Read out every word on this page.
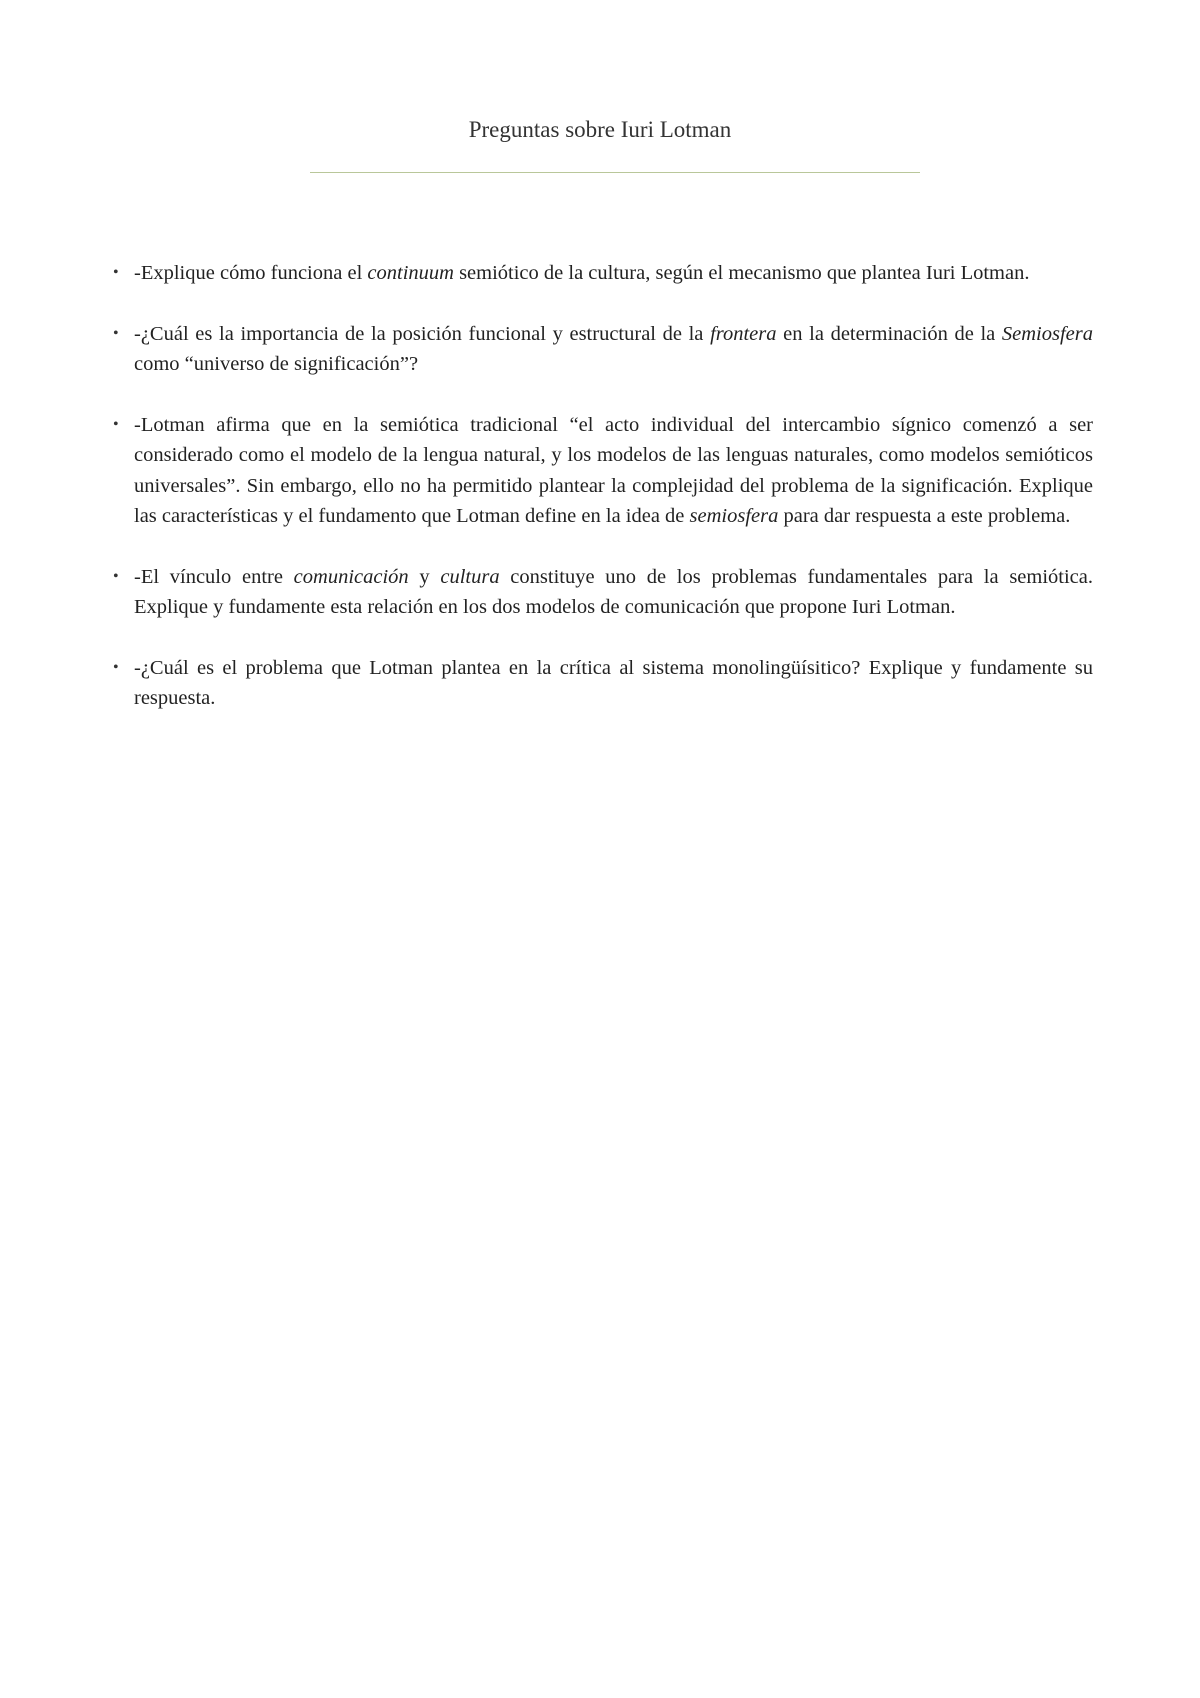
Preguntas sobre Iuri Lotman
• -Explique cómo funciona el continuum semiótico de la cultura, según el mecanismo que plantea Iuri Lotman.
• -¿Cuál es la importancia de la posición funcional y estructural de la frontera en la determinación de la Semiosfera como “universo de significación”?
• -Lotman afirma que en la semiótica tradicional “el acto individual del intercambio sígnico comenzó a ser considerado como el modelo de la lengua natural, y los modelos de las lenguas naturales, como modelos semióticos universales”. Sin embargo, ello no ha permitido plantear la complejidad del problema de la significación. Explique las características y el fundamento que Lotman define en la idea de semiosfera para dar respuesta a este problema.
• -El vínculo entre comunicación y cultura constituye uno de los problemas fundamentales para la semiótica. Explique y fundamente esta relación en los dos modelos de comunicación que propone Iuri Lotman.
• -¿Cuál es el problema que Lotman plantea en la crítica al sistema monolingüísitico? Explique y fundamente su respuesta.
